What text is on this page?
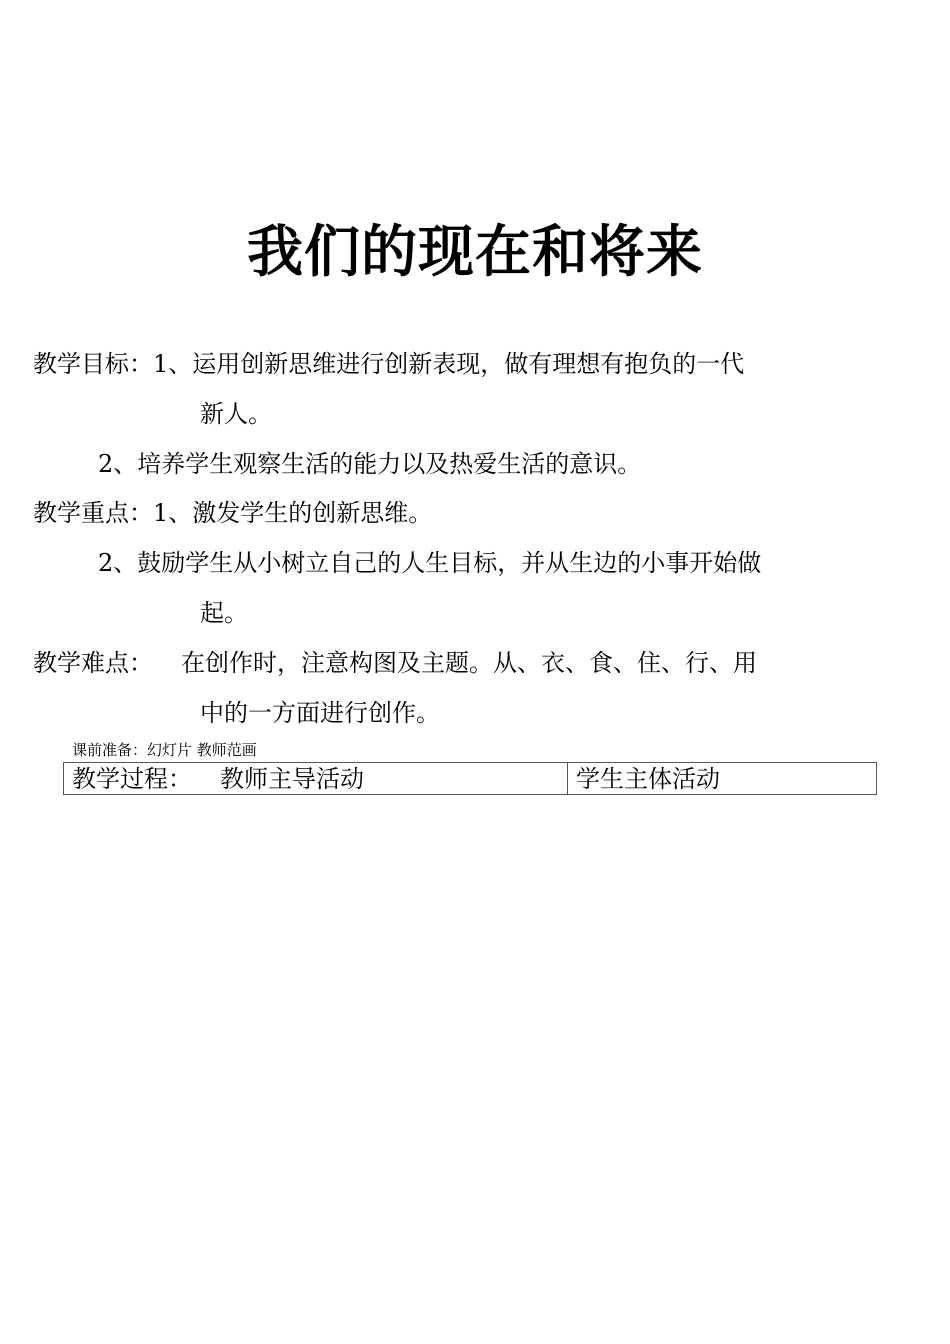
我们的现在和将来
教学目标：1、运用创新思维进行创新表现，做有理想有抱负的一代
新人。
2、培养学生观察生活的能力以及热爱生活的意识。
教学重点：1、激发学生的创新思维。
2、鼓励学生从小树立自己的人生目标，并从生边的小事开始做
起。
教学难点： 在创作时，注意构图及主题。从、衣、食、住、行、用
中的一方面进行创作。
课前准备：幻灯片 教师范画
教学过程： 教师主导活动	学生主体活动
